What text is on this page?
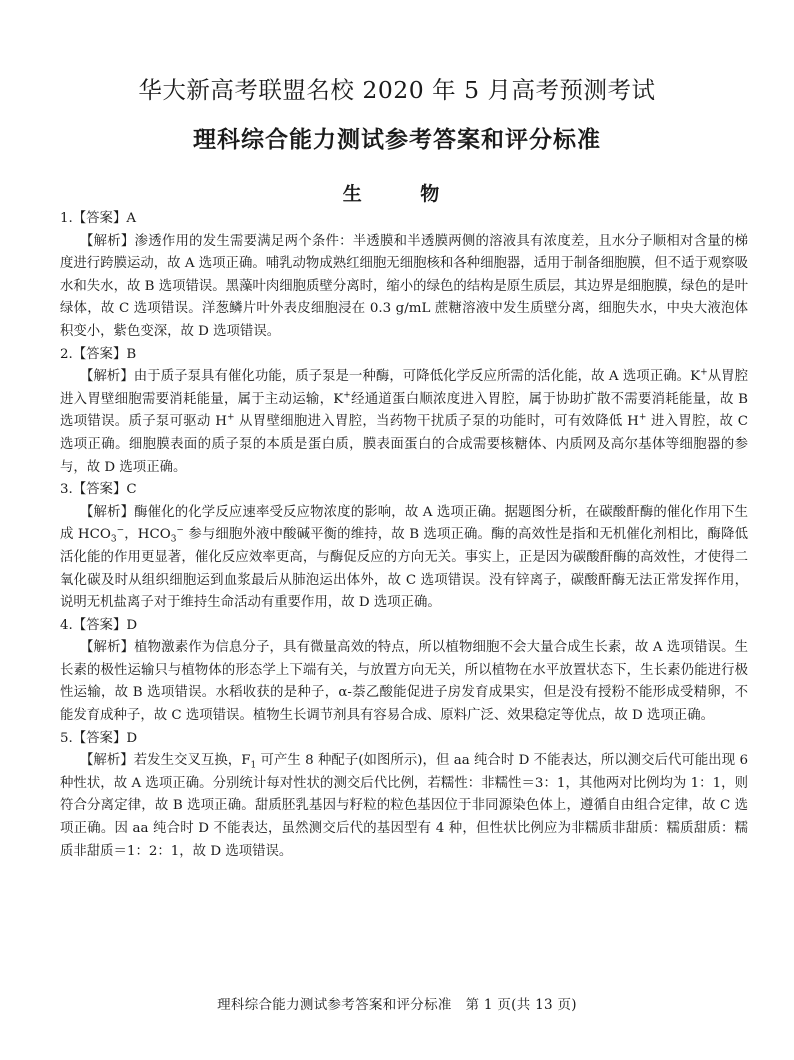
华大新高考联盟名校 2020 年 5 月高考预测考试
理科综合能力测试参考答案和评分标准
生 物

1.【答案】A

【解析】渗透作用的发生需要满足两个条件：半透膜和半透膜两侧的溶液具有浓度差，且水分子顺相对含量的梯度进行跨膜运动，故 A 选项正确。哺乳动物成熟红细胞无细胞核和各种细胞器，适用于制备细胞膜，但不适于观察吸水和失水，故 B 选项错误。黑藻叶肉细胞质壁分离时，缩小的绿色的结构是原生质层，其边界是细胞膜，绿色的是叶绿体，故 C 选项错误。洋葱鳞片叶外表皮细胞浸在 0.3 g/mL 蔗糖溶液中发生质壁分离，细胞失水，中央大液泡体积变小，紫色变深，故 D 选项错误。

2.【答案】B

【解析】由于质子泵具有催化功能，质子泵是一种酶，可降低化学反应所需的活化能，故 A 选项正确。K+从胃腔进入胃壁细胞需要消耗能量，属于主动运输，K+经通道蛋白顺浓度进入胃腔，属于协助扩散不需要消耗能量，故 B 选项错误。质子泵可驱动 H+ 从胃壁细胞进入胃腔，当药物干扰质子泵的功能时，可有效降低 H+ 进入胃腔，故 C 选项正确。细胞膜表面的质子泵的本质是蛋白质，膜表面蛋白的合成需要核糖体、内质网及高尔基体等细胞器的参与，故 D 选项正确。

3.【答案】C

【解析】酶催化的化学反应速率受反应物浓度的影响，故 A 选项正确。据题图分析，在碳酸酐酶的催化作用下生成 $HCO_3^-$，$HCO_3^-$ 参与细胞外液中酸碱平衡的维持，故 B 选项正确。酶的高效性是指和无机催化剂相比，酶降低活化能的作用更显著，催化反应效率更高，与酶促反应的方向无关。事实上，正是因为碳酸酐酶的高效性，才使得二氧化碳及时从组织细胞运到血浆最后从肺泡运出体外，故 C 选项错误。没有锌离子，碳酸酐酶无法正常发挥作用，说明无机盐离子对于维持生命活动有重要作用，故 D 选项正确。

4.【答案】D

【解析】植物激素作为信息分子，具有微量高效的特点，所以植物细胞不会大量合成生长素，故 A 选项错误。生长素的极性运输只与植物体的形态学上下端有关，与放置方向无关，所以植物在水平放置状态下，生长素仍能进行极性运输，故 B 选项错误。水稻收获的是种子，α-萘乙酸能促进子房发育成果实，但是没有授粉不能形成受精卵，不能发育成种子，故 C 选项错误。植物生长调节剂具有容易合成、原料广泛、效果稳定等优点，故 D 选项正确。

5.【答案】D

【解析】若发生交叉互换，$F_1$ 可产生 8 种配子(如图所示)，但 aa 纯合时 D 不能表达，所以测交后代可能出现 6 种性状，故 A 选项正确。分别统计每对性状的测交后代比例，若糯性：非糯性＝3：1，其他两对比例均为 1：1，则符合分离定律，故 B 选项正确。甜质胚乳基因与籽粒的粒色基因位于非同源染色体上，遵循自由组合定律，故 C 选项正确。因 aa 纯合时 D 不能表达，虽然测交后代的基因型有 4 种，但性状比例应为非糯质非甜质：糯质甜质：糯质非甜质＝1：2：1，故 D 选项错误。

理科综合能力测试参考答案和评分标准　第 1 页(共 13 页)
